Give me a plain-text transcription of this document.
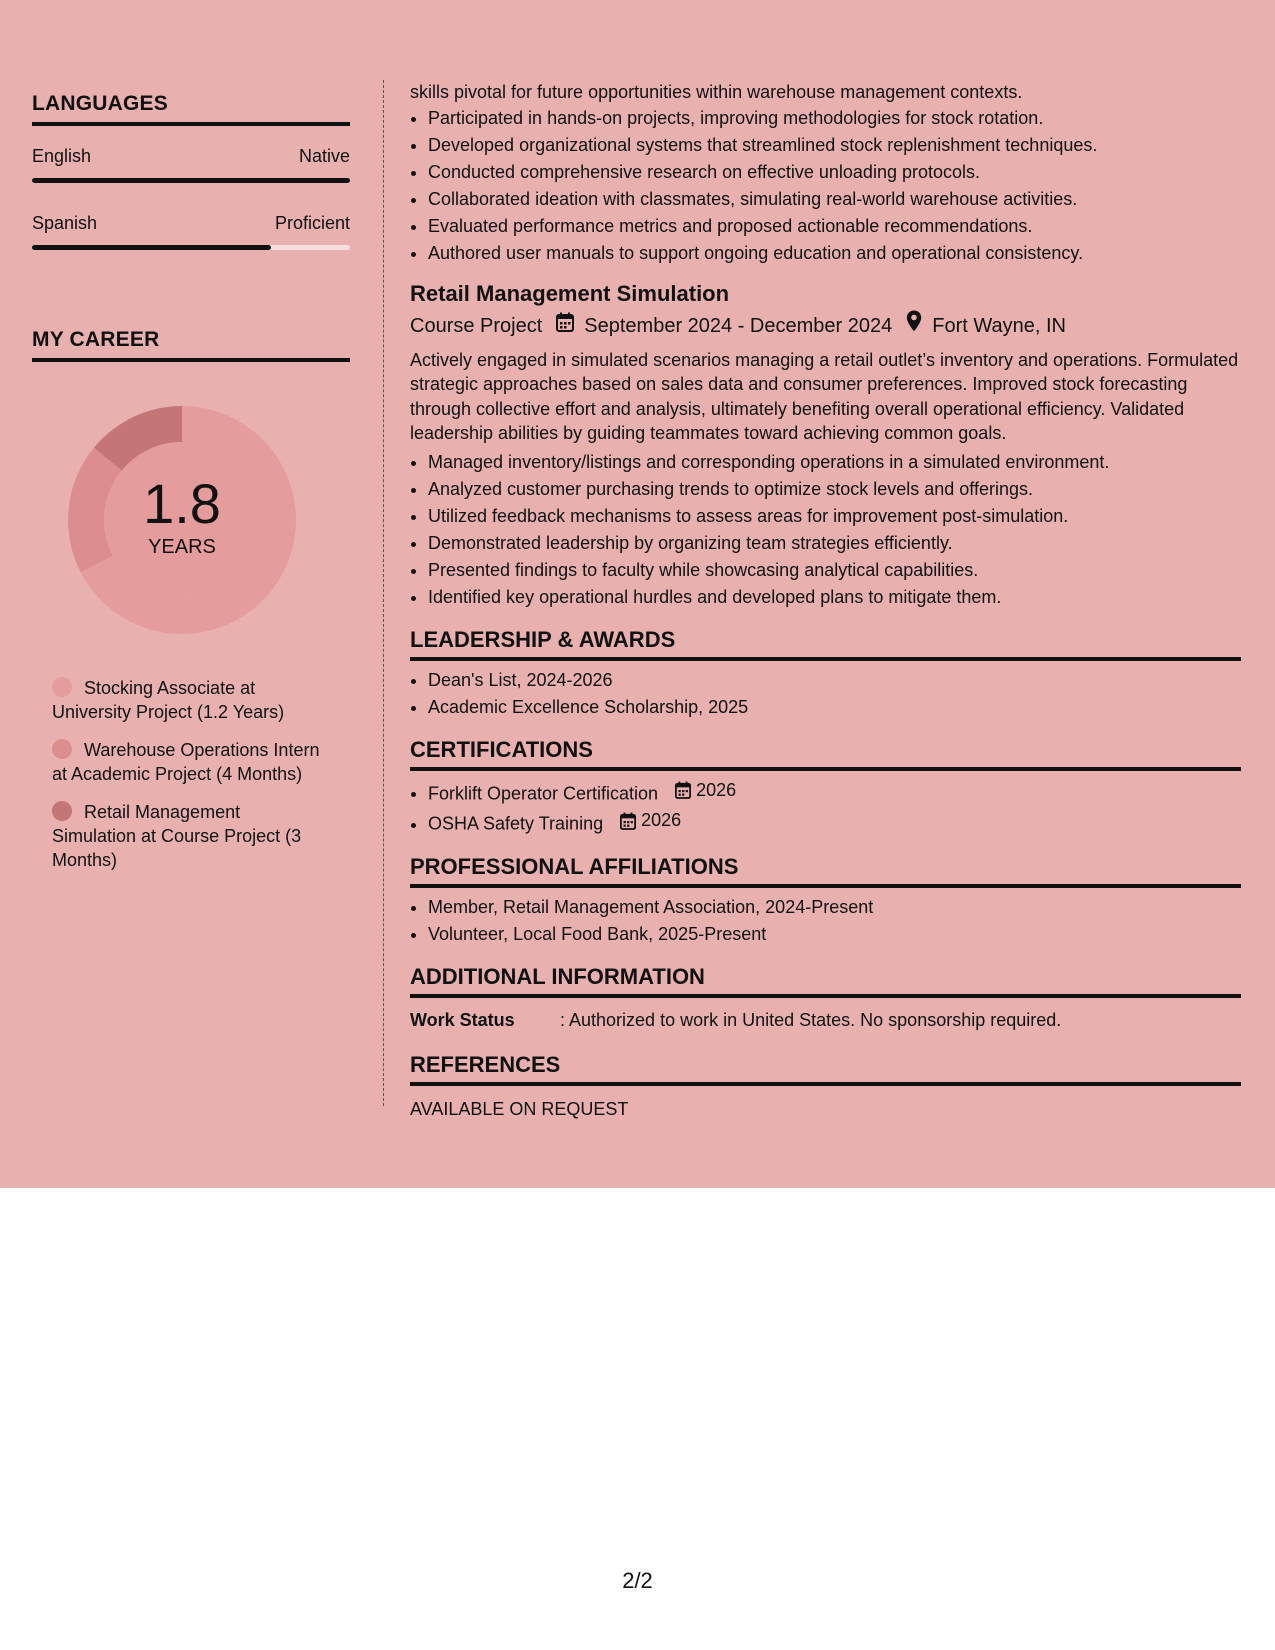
LANGUAGES
English	Native
Spanish	Proficient
MY CAREER
1.8
YEARS
Stocking Associate at University Project (1.2 Years)
Warehouse Operations Intern at Academic Project (4 Months)
Retail Management Simulation at Course Project (3 Months)

skills pivotal for future opportunities within warehouse management contexts.

• Participated in hands-on projects, improving methodologies for stock rotation.
• Developed organizational systems that streamlined stock replenishment techniques.
• Conducted comprehensive research on effective unloading protocols.
• Collaborated ideation with classmates, simulating real-world warehouse activities.
• Evaluated performance metrics and proposed actionable recommendations.
• Authored user manuals to support ongoing education and operational consistency.
Retail Management Simulation
Course Project September 2024 - December 2024 Fort Wayne, IN

Actively engaged in simulated scenarios managing a retail outlet’s inventory and operations. Formulated strategic approaches based on sales data and consumer preferences. Improved stock forecasting through collective effort and analysis, ultimately benefiting overall operational efficiency. Validated leadership abilities by guiding teammates toward achieving common goals.

• Managed inventory/listings and corresponding operations in a simulated environment.
• Analyzed customer purchasing trends to optimize stock levels and offerings.
• Utilized feedback mechanisms to assess areas for improvement post-simulation.
• Demonstrated leadership by organizing team strategies efficiently.
• Presented findings to faculty while showcasing analytical capabilities.
• Identified key operational hurdles and developed plans to mitigate them.
LEADERSHIP & AWARDS
• Dean's List, 2024-2026
• Academic Excellence Scholarship, 2025
CERTIFICATIONS
• Forklift Operator Certification 2026
• OSHA Safety Training 2026
PROFESSIONAL AFFILIATIONS
• Member, Retail Management Association, 2024-Present
• Volunteer, Local Food Bank, 2025-Present
ADDITIONAL INFORMATION
Work Status	: Authorized to work in United States. No sponsorship required.
REFERENCES
AVAILABLE ON REQUEST
2/2
